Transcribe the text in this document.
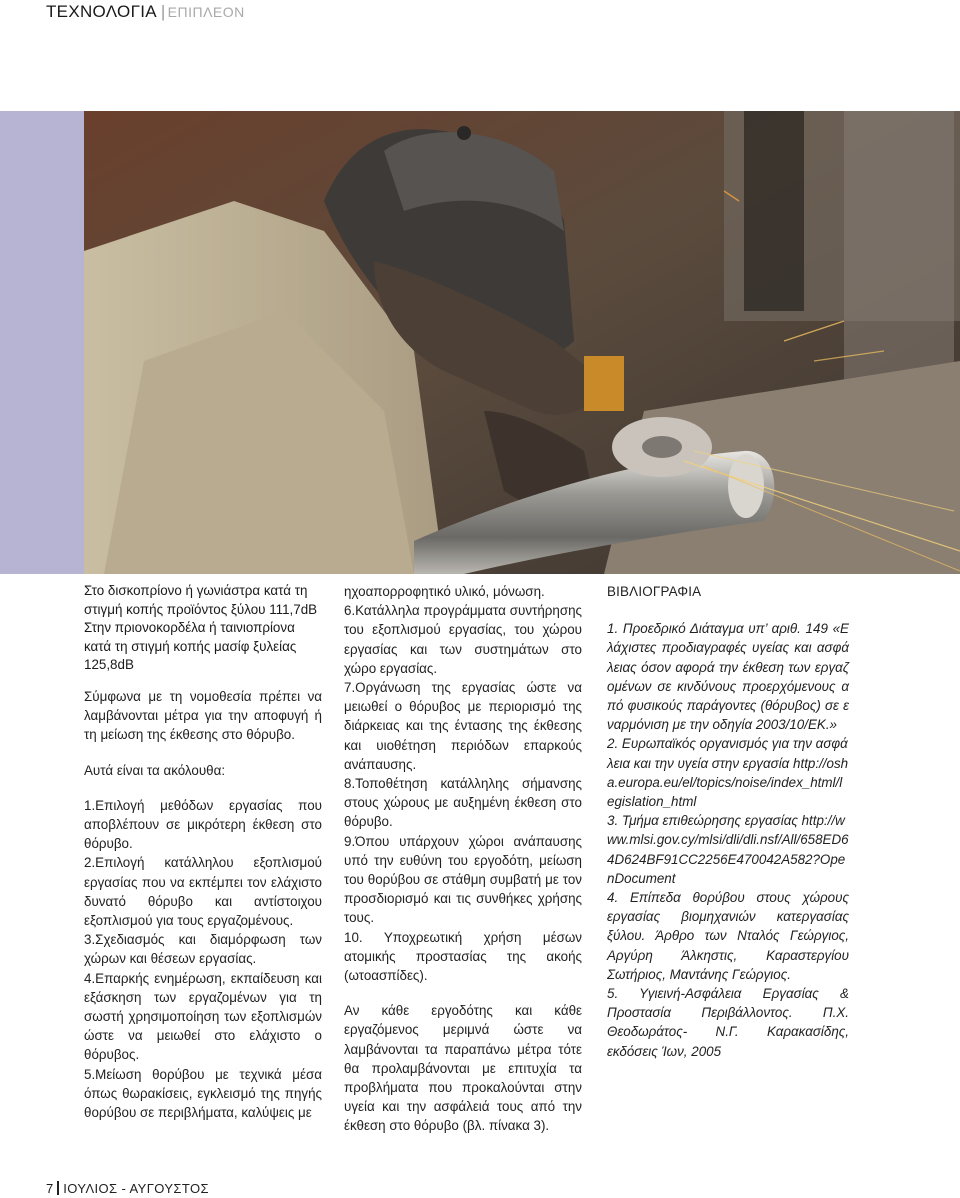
ΤΕΧΝΟΛΟΓΙΑ | ΕΠΙΠΛΕΟΝ

Στο δισκοπρίονο ή γωνιάστρα κατά τη

στιγμή κοπής προϊόντος ξύλου 111,7dB

Στην πριονοκορδέλα ή ταινιοπρίονα

κατά τη στιγμή κοπής μασίφ ξυλείας

125,8dB

Σύμφωνα με τη νομοθεσία πρέπει να λαμβάνονται μέτρα για την αποφυγή ή τη μείωση της έκθεσης στο θόρυβο.

Αυτά είναι τα ακόλουθα:

1.Επιλογή μεθόδων εργασίας που αποβλέπουν σε μικρότερη έκθεση στο θόρυβο.

2.Επιλογή κατάλληλου εξοπλισμού εργασίας που να εκπέμπει τον ελάχιστο δυνατό θόρυβο και αντίστοιχου εξοπλισμού για τους εργαζομένους.

3.Σχεδιασμός και διαμόρφωση των χώρων και θέσεων εργασίας.

4.Επαρκής ενημέρωση, εκπαίδευση και εξάσκηση των εργαζομένων για τη σωστή χρησιμοποίηση των εξοπλισμών ώστε να μειωθεί στο ελάχιστο ο θόρυβος.

5.Μείωση θορύβου με τεχνικά μέσα όπως θωρακίσεις, εγκλεισμό της πηγής θορύβου σε περιβλήματα, καλύψεις με

ηχοαπορροφητικό υλικό, μόνωση.

6.Κατάλληλα προγράμματα συντήρησης του εξοπλισμού εργασίας, του χώρου εργασίας και των συστημάτων στο χώρο εργασίας.

7.Οργάνωση της εργασίας ώστε να μειωθεί ο θόρυβος με περιορισμό της διάρκειας και της έντασης της έκθεσης και υιοθέτηση περιόδων επαρκούς ανάπαυσης.

8.Τοποθέτηση κατάλληλης σήμανσης στους χώρους με αυξημένη έκθεση στο θόρυβο.

9.Όπου υπάρχουν χώροι ανάπαυσης υπό την ευθύνη του εργοδότη, μείωση του θορύβου σε στάθμη συμβατή με τον προσδιορισμό και τις συνθήκες χρήσης τους.

10. Υποχρεωτική χρήση μέσων ατομικής προστασίας της ακοής (ωτοασπίδες).

Αν κάθε εργοδότης και κάθε εργαζόμενος μεριμνά ώστε να λαμβάνονται τα παραπάνω μέτρα τότε θα προλαμβάνονται με επιτυχία τα προβλήματα που προκαλούνται στην υγεία και την ασφάλειά τους από την έκθεση στο θόρυβο (βλ. πίνακα 3).

ΒΙΒΛΙΟΓΡΑΦΙΑ

1. Προεδρικό Διάταγμα υπ’ αριθ. 149 «Ελάχιστες προδιαγραφές υγείας και ασφάλειας όσον αφορά την έκθεση των εργαζομένων σε κινδύνους προερχόμενους από φυσικούς παράγοντες (θόρυβος) σε εναρμόνιση με την οδηγία 2003/10/ΕΚ.»

2. Ευρωπαϊκός οργανισμός για την ασφάλεια και την υγεία στην εργασία http://osha.europa.eu/el/topics/noise/index_html/legislation_html

3. Τμήμα επιθεώρησης εργασίας http://www.mlsi.gov.cy/mlsi/dli/dli.nsf/All/658ED64D624BF91CC2256E470042A582?OpenDocument

4. Επίπεδα θορύβου στους χώρους εργασίας βιομηχανιών κατεργασίας ξύλου. Άρθρο των Νταλός Γεώργιος, Αργύρη Άλκηστις, Καραστεργίου Σωτήριος, Μαντάνης Γεώργιος.

5. Υγιεινή-Ασφάλεια Εργασίας & Προστασία Περιβάλλοντος. Π.Χ. Θεοδωράτος- Ν.Γ. Καρακασίδης, εκδόσεις Ίων, 2005

7 ΙΟΥΛΙΟΣ - ΑΥΓΟΥΣΤΟΣ
